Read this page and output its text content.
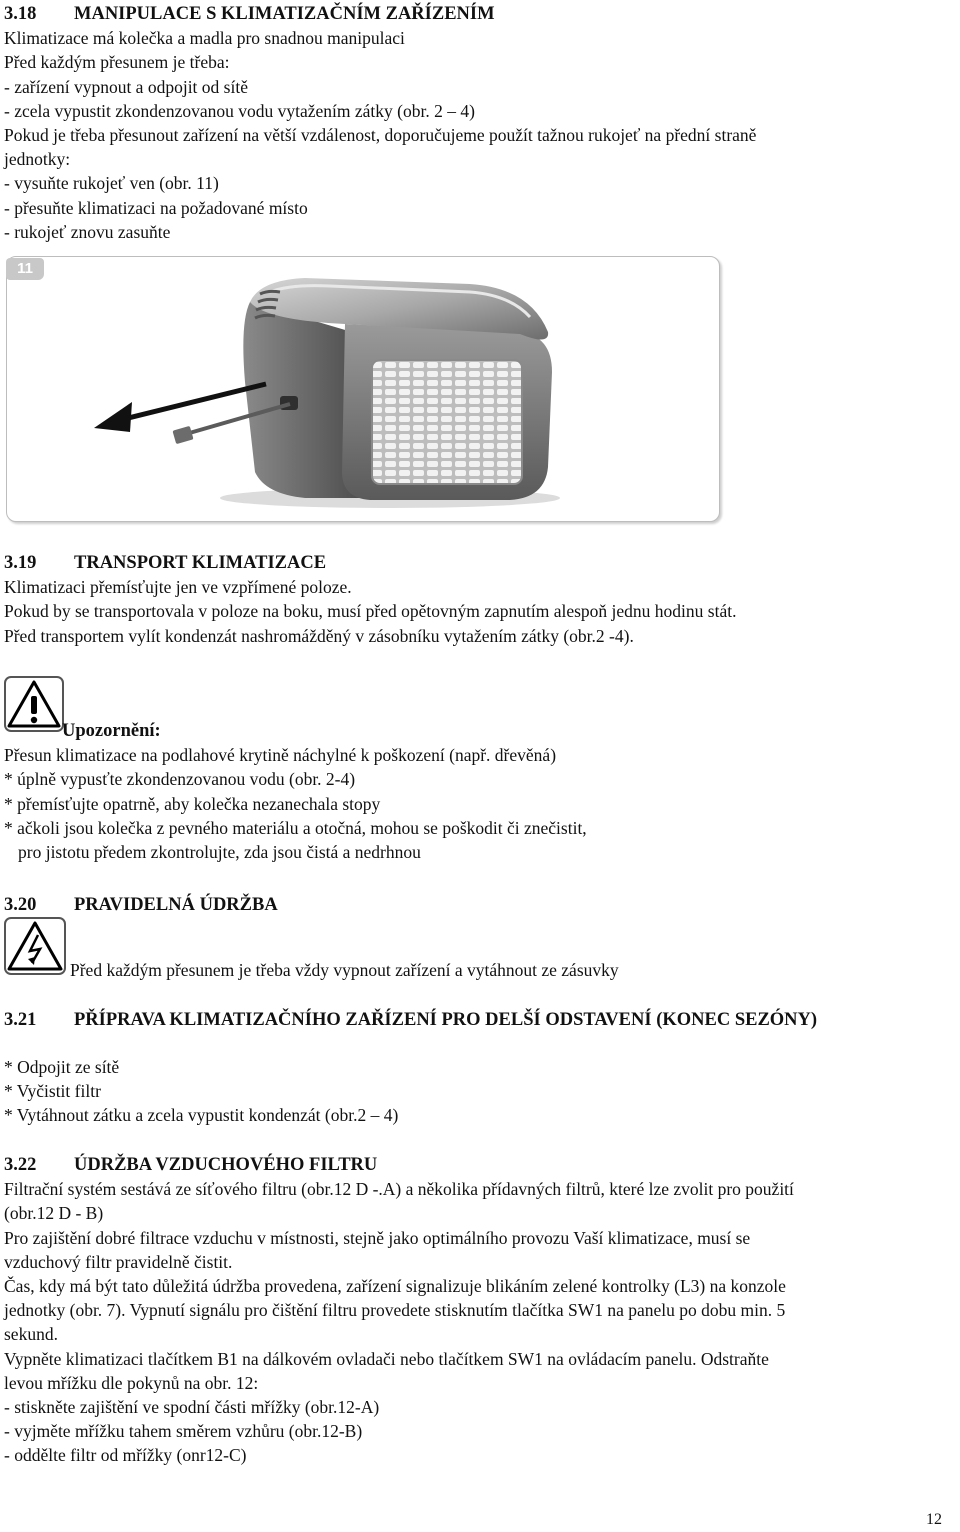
3.18 MANIPULACE S KLIMATIZAČNÍM ZAŘÍZENÍM
Klimatizace má kolečka a madla pro snadnou manipulaci
Před každým přesunem je třeba:
- zařízení vypnout a odpojit od sítě
- zcela vypustit zkondenzovanou vodu vytažením zátky (obr. 2 – 4)
Pokud je třeba přesunout zařízení na větší vzdálenost, doporučujeme použít tažnou rukojeť na přední straně
jednotky:
- vysuňte rukojeť ven (obr. 11)
- přesuňte klimatizaci na požadované místo
- rukojeť znovu zasuňte
11
3.19 TRANSPORT KLIMATIZACE
Klimatizaci přemísťujte jen ve vzpřímené poloze.
Pokud by se transportovala v poloze na boku, musí před opětovným zapnutím alespoň jednu hodinu stát.
Před transportem vylít kondenzát nashromážděný v zásobníku vytažením zátky (obr.2 -4).
Upozornění:
Přesun klimatizace na podlahové krytině náchylné k poškození (např. dřevěná)
* úplně vypusťte zkondenzovanou vodu (obr. 2-4)
* přemísťujte opatrně, aby kolečka nezanechala stopy
* ačkoli jsou kolečka z pevného materiálu a otočná, mohou se poškodit či znečistit,
pro jistotu předem zkontrolujte, zda jsou čistá a nedrhnou
3.20 PRAVIDELNÁ ÚDRŽBA
Před každým přesunem je třeba vždy vypnout zařízení a vytáhnout ze zásuvky
3.21 PŘÍPRAVA KLIMATIZAČNÍHO ZAŘÍZENÍ PRO DELŠÍ ODSTAVENÍ (KONEC SEZÓNY)
* Odpojit ze sítě
* Vyčistit filtr
* Vytáhnout zátku a zcela vypustit kondenzát (obr.2 – 4)
3.22 ÚDRŽBA VZDUCHOVÉHO FILTRU
Filtrační systém sestává ze síťového filtru (obr.12 D -.A) a několika přídavných filtrů, které lze zvolit pro použití
(obr.12 D - B)
Pro zajištění dobré filtrace vzduchu v místnosti, stejně jako optimálního provozu Vaší klimatizace, musí se
vzduchový filtr pravidelně čistit.
Čas, kdy má být tato důležitá údržba provedena, zařízení signalizuje blikáním zelené kontrolky (L3) na konzole
jednotky (obr. 7). Vypnutí signálu pro čištění filtru provedete stisknutím tlačítka SW1 na panelu po dobu min. 5
sekund.
Vypněte klimatizaci tlačítkem B1 na dálkovém ovladači nebo tlačítkem SW1 na ovládacím panelu. Odstraňte
levou mřížku dle pokynů na obr. 12:
- stiskněte zajištění ve spodní části mřížky (obr.12-A)
- vyjměte mřížku tahem směrem vzhůru (obr.12-B)
- oddělte filtr od mřížky (onr12-C)
12
